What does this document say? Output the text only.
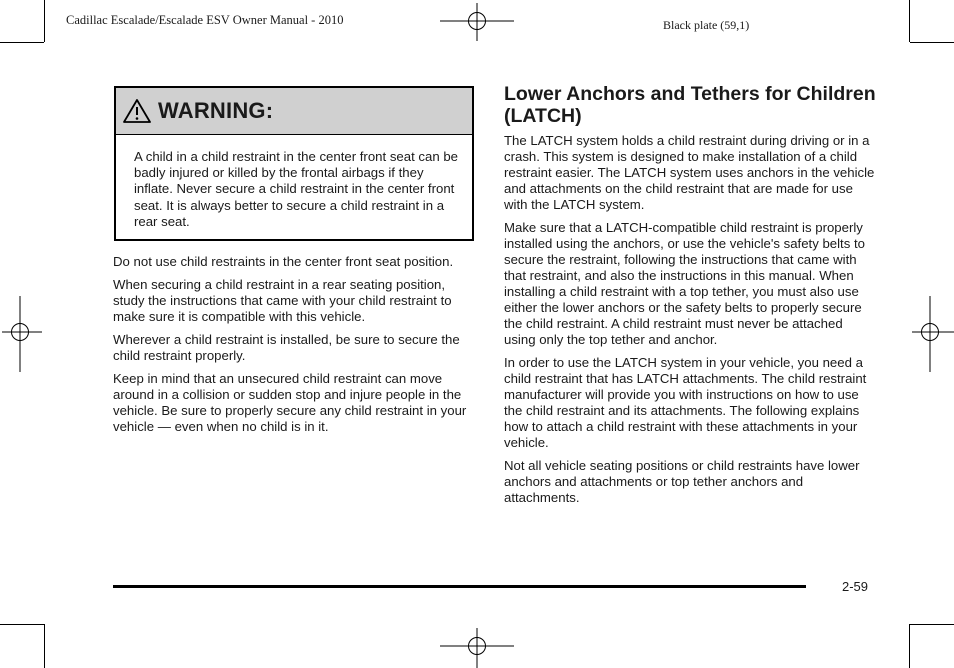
Cadillac Escalade/Escalade ESV Owner Manual - 2010	Black plate (59,1)
WARNING:
A child in a child restraint in the center front seat can be badly injured or killed by the frontal airbags if they inflate. Never secure a child restraint in the center front seat. It is always better to secure a child restraint in a rear seat.

Do not use child restraints in the center front seat position.

When securing a child restraint in a rear seating position, study the instructions that came with your child restraint to make sure it is compatible with this vehicle.

Wherever a child restraint is installed, be sure to secure the child restraint properly.

Keep in mind that an unsecured child restraint can move around in a collision or sudden stop and injure people in the vehicle. Be sure to properly secure any child restraint in your vehicle — even when no child is in it.

Lower Anchors and Tethers for Children (LATCH)

The LATCH system holds a child restraint during driving or in a crash. This system is designed to make installation of a child restraint easier. The LATCH system uses anchors in the vehicle and attachments on the child restraint that are made for use with the LATCH system.

Make sure that a LATCH-compatible child restraint is properly installed using the anchors, or use the vehicle's safety belts to secure the restraint, following the instructions that came with that restraint, and also the instructions in this manual. When installing a child restraint with a top tether, you must also use either the lower anchors or the safety belts to properly secure the child restraint. A child restraint must never be attached using only the top tether and anchor.

In order to use the LATCH system in your vehicle, you need a child restraint that has LATCH attachments. The child restraint manufacturer will provide you with instructions on how to use the child restraint and its attachments. The following explains how to attach a child restraint with these attachments in your vehicle.

Not all vehicle seating positions or child restraints have lower anchors and attachments or top tether anchors and attachments.

2-59
